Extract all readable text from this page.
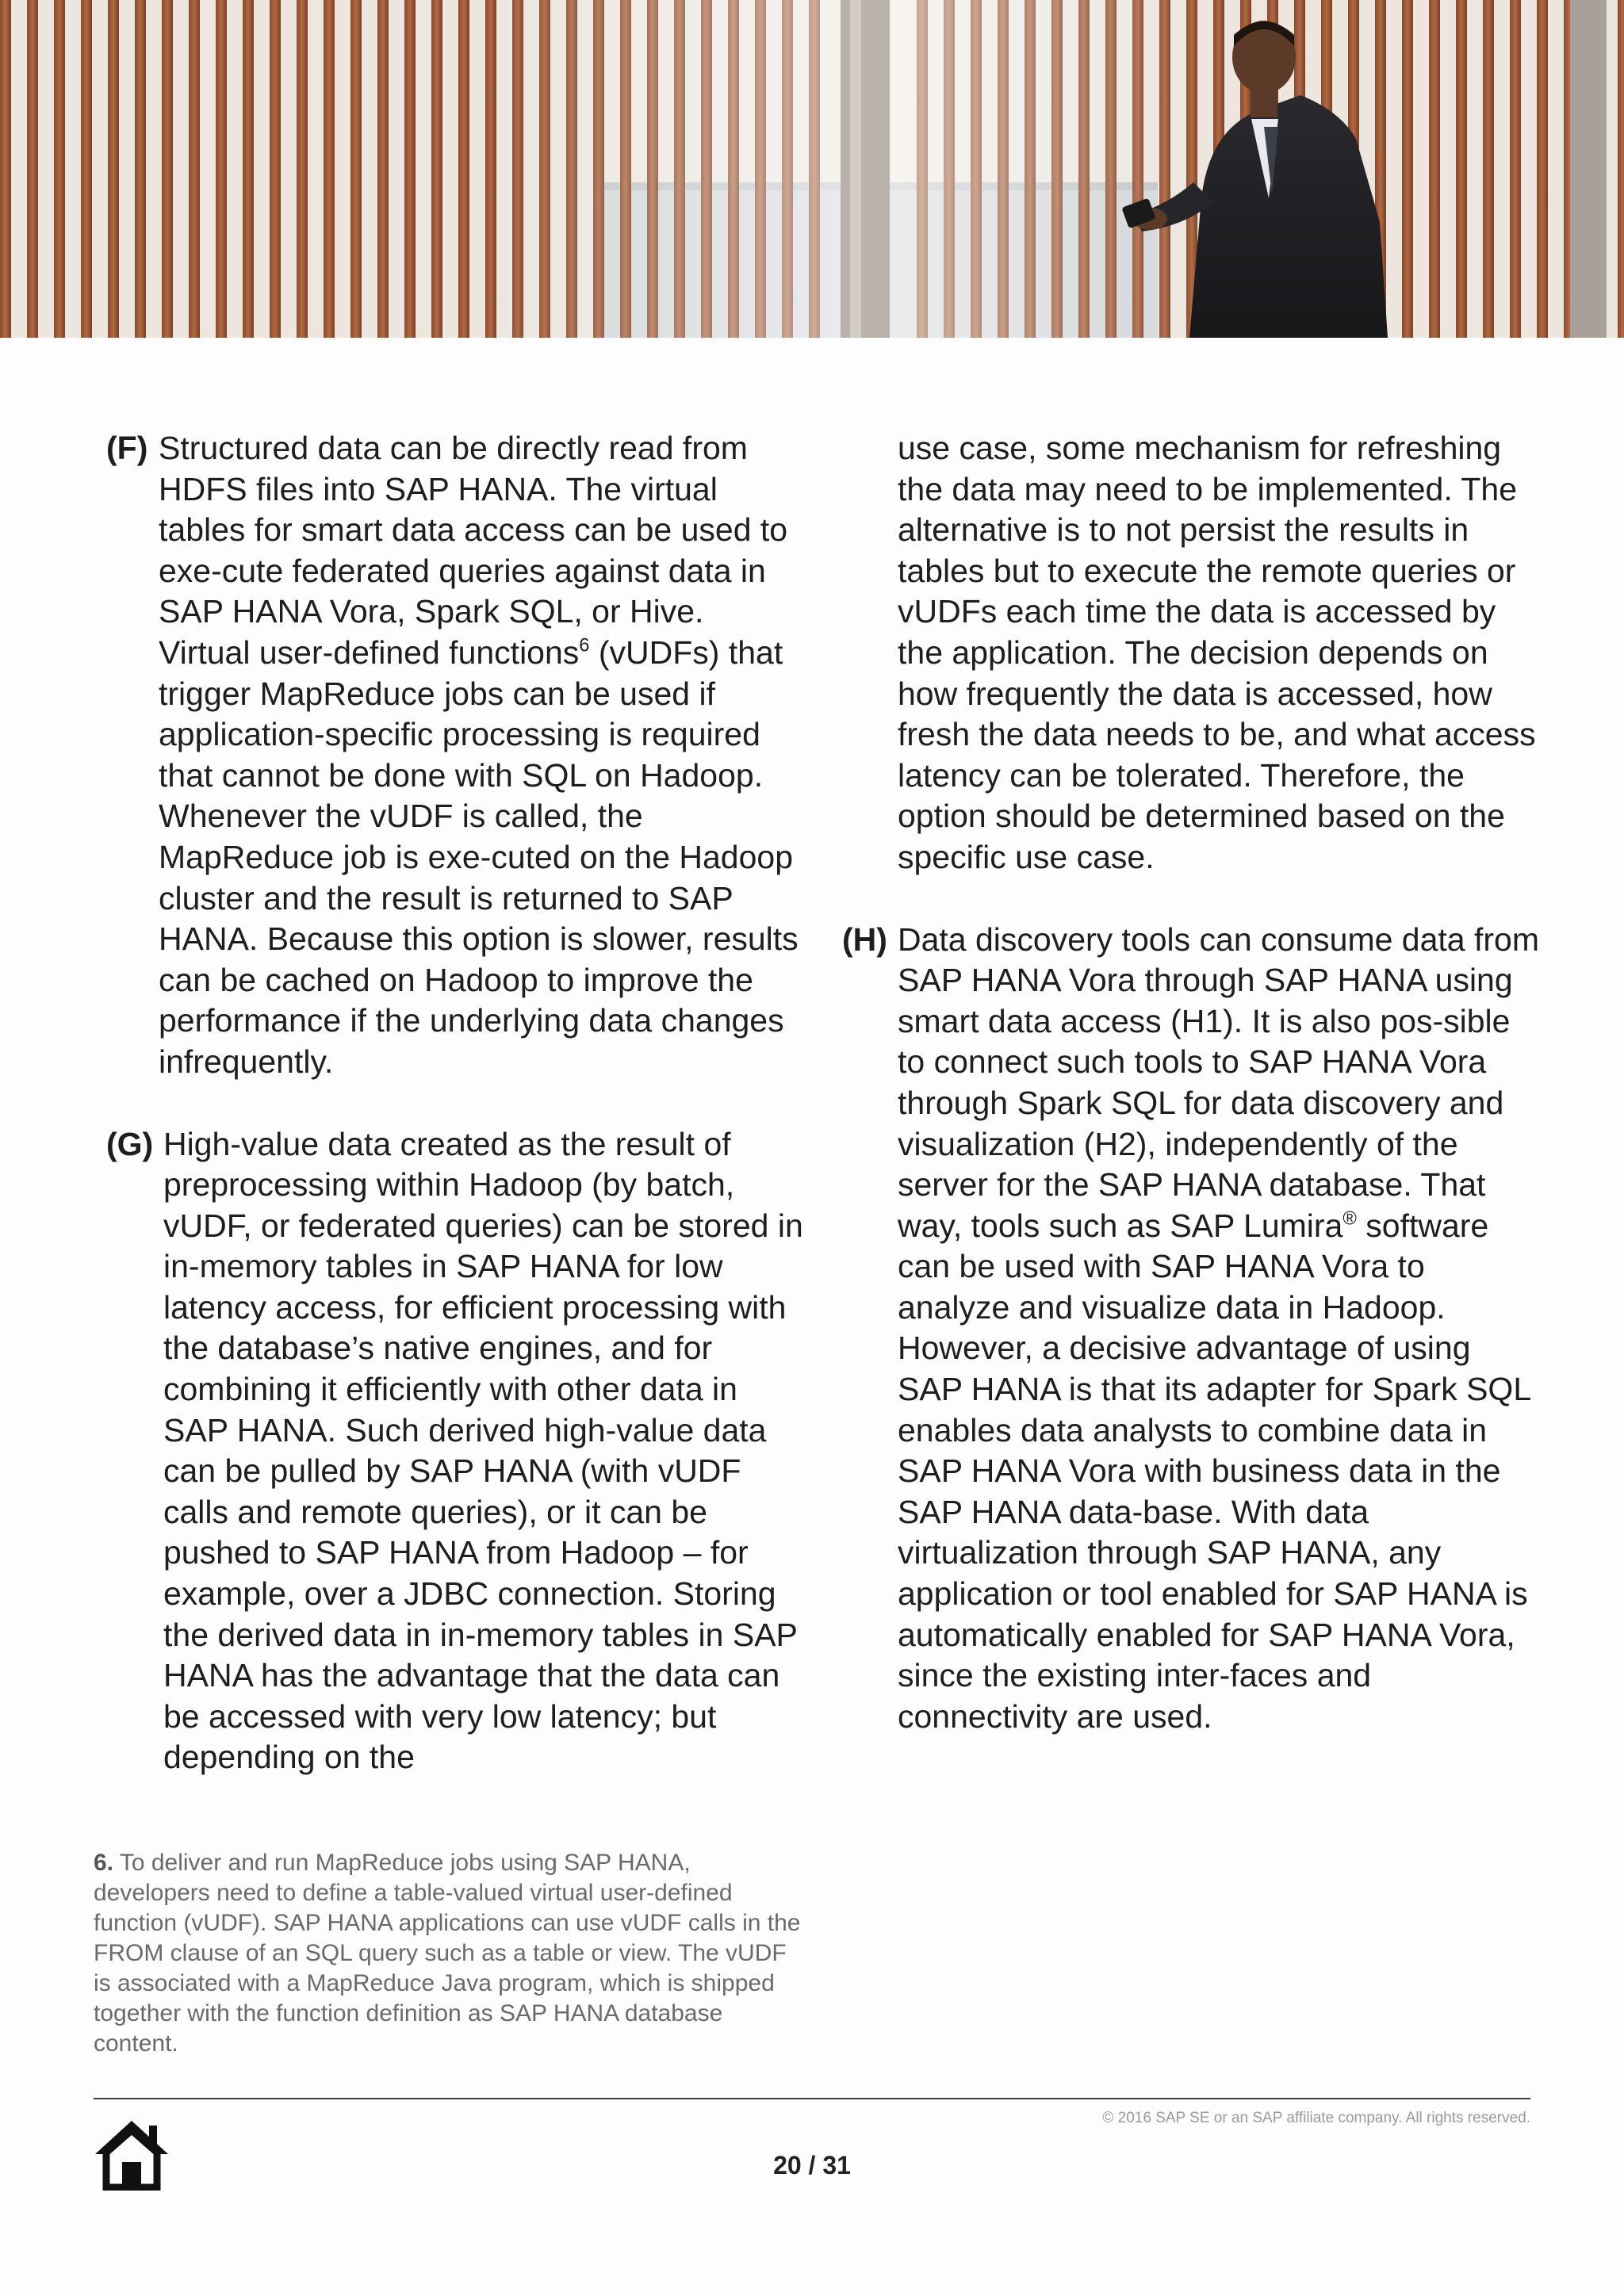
(F) Structured data can be directly read from HDFS files into SAP HANA. The virtual tables for smart data access can be used to exe-cute federated queries against data in SAP HANA Vora, Spark SQL, or Hive. Virtual user-defined functions$^6$ (vUDFs) that trigger MapReduce jobs can be used if application-specific processing is required that cannot be done with SQL on Hadoop. Whenever the vUDF is called, the MapReduce job is exe-cuted on the Hadoop cluster and the result is returned to SAP HANA. Because this option is slower, results can be cached on Hadoop to improve the performance if the underlying data changes infrequently.

(G) High-value data created as the result of preprocessing within Hadoop (by batch, vUDF, or federated queries) can be stored in in-memory tables in SAP HANA for low latency access, for efficient processing with the database’s native engines, and for combining it efficiently with other data in SAP HANA. Such derived high-value data can be pulled by SAP HANA (with vUDF calls and remote queries), or it can be pushed to SAP HANA from Hadoop – for example, over a JDBC connection. Storing the derived data in in-memory tables in SAP HANA has the advantage that the data can be accessed with very low latency; but depending on the

use case, some mechanism for refreshing the data may need to be implemented. The alternative is to not persist the results in tables but to execute the remote queries or vUDFs each time the data is accessed by the application. The decision depends on how frequently the data is accessed, how fresh the data needs to be, and what access latency can be tolerated. Therefore, the option should be determined based on the specific use case.

(H) Data discovery tools can consume data from SAP HANA Vora through SAP HANA using smart data access (H1). It is also pos-sible to connect such tools to SAP HANA Vora through Spark SQL for data discovery and visualization (H2), independently of the server for the SAP HANA database. That way, tools such as SAP Lumira® software can be used with SAP HANA Vora to analyze and visualize data in Hadoop. However, a decisive advantage of using SAP HANA is that its adapter for Spark SQL enables data analysts to combine data in SAP HANA Vora with business data in the SAP HANA data-base. With data virtualization through SAP HANA, any application or tool enabled for SAP HANA is automatically enabled for SAP HANA Vora, since the existing inter-faces and connectivity are used.

6. To deliver and run MapReduce jobs using SAP HANA, developers need to define a table-valued virtual user-defined function (vUDF). SAP HANA applications can use vUDF calls in the FROM clause of an SQL query such as a table or view. The vUDF is associated with a MapReduce Java program, which is shipped together with the function definition as SAP HANA database content.

© 2016 SAP SE or an SAP affiliate company. All rights reserved.
20 / 31
